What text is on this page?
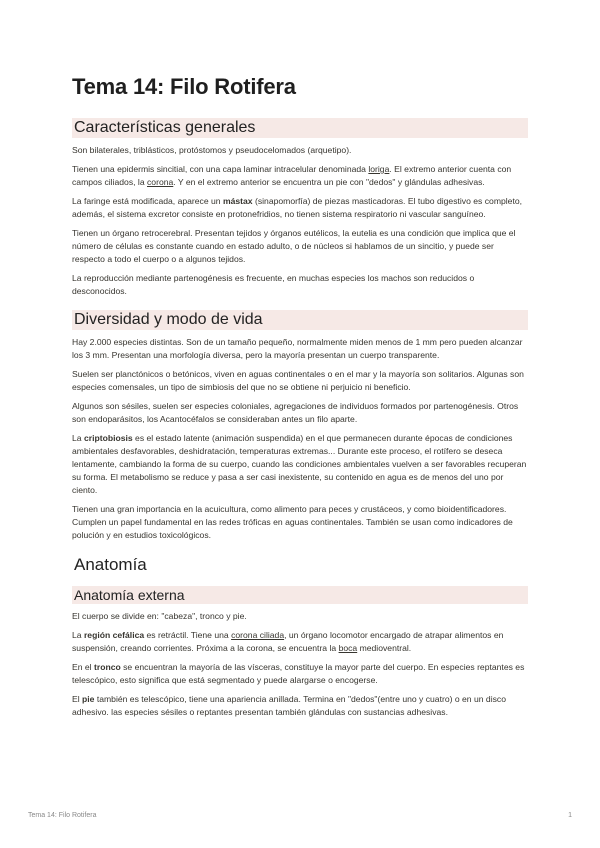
Tema 14: Filo Rotifera
Características generales

Son bilaterales, triblásticos, protóstomos y pseudocelomados (arquetipo).

Tienen una epidermis sincitial, con una capa laminar intracelular denominada loriga. El extremo anterior cuenta con campos ciliados, la corona. Y en el extremo anterior se encuentra un pie con "dedos" y glándulas adhesivas.

La faringe está modificada, aparece un mástax (sinapomorfía) de piezas masticadoras. El tubo digestivo es completo, además, el sistema excretor consiste en protonefridios, no tienen sistema respiratorio ni vascular sanguíneo.

Tienen un órgano retrocerebral. Presentan tejidos y órganos eutélicos, la eutelia es una condición que implica que el número de células es constante cuando en estado adulto, o de núcleos si hablamos de un sincitio, y puede ser respecto a todo el cuerpo o a algunos tejidos.

La reproducción mediante partenogénesis es frecuente, en muchas especies los machos son reducidos o desconocidos.

Diversidad y modo de vida

Hay 2.000 especies distintas. Son de un tamaño pequeño, normalmente miden menos de 1 mm pero pueden alcanzar los 3 mm. Presentan una morfología diversa, pero la mayoría presentan un cuerpo transparente.

Suelen ser planctónicos o betónicos, viven en aguas continentales o en el mar y la mayoría son solitarios. Algunas son especies comensales, un tipo de simbiosis del que no se obtiene ni perjuicio ni beneficio.

Algunos son sésiles, suelen ser especies coloniales, agregaciones de individuos formados por partenogénesis. Otros son endoparásitos, los Acantocéfalos se consideraban antes un filo aparte.

La criptobiosis es el estado latente (animación suspendida) en el que permanecen durante épocas de condiciones ambientales desfavorables, deshidratación, temperaturas extremas... Durante este proceso, el rotífero se deseca lentamente, cambiando la forma de su cuerpo, cuando las condiciones ambientales vuelven a ser favorables recuperan su forma. El metabolismo se reduce y pasa a ser casi inexistente, su contenido en agua es de menos del uno por ciento.

Tienen una gran importancia en la acuicultura, como alimento para peces y crustáceos, y como bioidentificadores. Cumplen un papel fundamental en las redes tróficas en aguas continentales. También se usan como indicadores de polución y en estudios toxicológicos.

Anatomía
Anatomía externa

El cuerpo se divide en: "cabeza", tronco y pie.

La región cefálica es retráctil. Tiene una corona ciliada, un órgano locomotor encargado de atrapar alimentos en suspensión, creando corrientes. Próxima a la corona, se encuentra la boca medioventral.

En el tronco se encuentran la mayoría de las vísceras, constituye la mayor parte del cuerpo. En especies reptantes es telescópico, esto significa que está segmentado y puede alargarse o encogerse.

El pie también es telescópico, tiene una apariencia anillada. Termina en "dedos"(entre uno y cuatro) o en un disco adhesivo. las especies sésiles o reptantes presentan también glándulas con sustancias adhesivas.

Tema 14: Filo Rotifera	1
